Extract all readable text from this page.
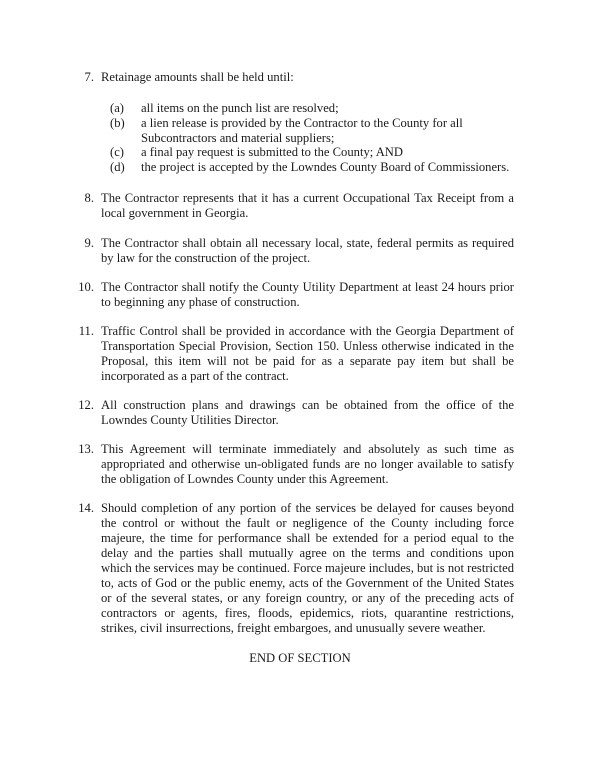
7. Retainage amounts shall be held until:
(a) all items on the punch list are resolved;
(b) a lien release is provided by the Contractor to the County for all Subcontractors and material suppliers;
(c) a final pay request is submitted to the County; AND
(d) the project is accepted by the Lowndes County Board of Commissioners.
8. The Contractor represents that it has a current Occupational Tax Receipt from a local government in Georgia.
9. The Contractor shall obtain all necessary local, state, federal permits as required by law for the construction of the project.
10. The Contractor shall notify the County Utility Department at least 24 hours prior to beginning any phase of construction.
11. Traffic Control shall be provided in accordance with the Georgia Department of Transportation Special Provision, Section 150. Unless otherwise indicated in the Proposal, this item will not be paid for as a separate pay item but shall be incorporated as a part of the contract.
12. All construction plans and drawings can be obtained from the office of the Lowndes County Utilities Director.
13. This Agreement will terminate immediately and absolutely as such time as appropriated and otherwise un-obligated funds are no longer available to satisfy the obligation of Lowndes County under this Agreement.
14. Should completion of any portion of the services be delayed for causes beyond the control or without the fault or negligence of the County including force majeure, the time for performance shall be extended for a period equal to the delay and the parties shall mutually agree on the terms and conditions upon which the services may be continued. Force majeure includes, but is not restricted to, acts of God or the public enemy, acts of the Government of the United States or of the several states, or any foreign country, or any of the preceding acts of contractors or agents, fires, floods, epidemics, riots, quarantine restrictions, strikes, civil insurrections, freight embargoes, and unusually severe weather.
END OF SECTION
